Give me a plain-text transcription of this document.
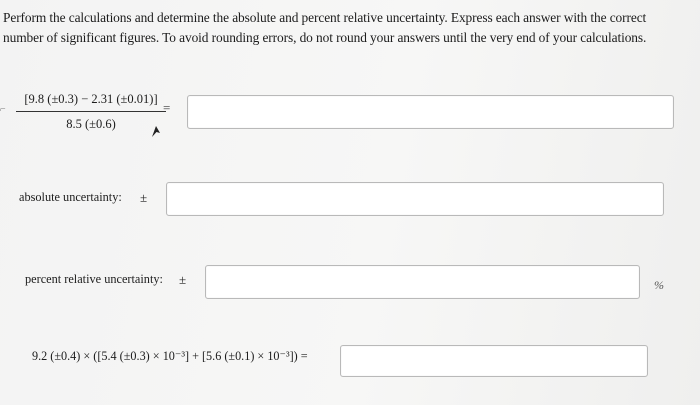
Perform the calculations and determine the absolute and percent relative uncertainty. Express each answer with the correct
number of significant figures. To avoid rounding errors, do not round your answers until the very end of your calculations.
⌐ $\frac{[9.8 (\pm 0.3) - 2.31 (\pm 0.01)]}{8.5 (\pm 0.6)}$
=
absolute uncertainty: ±
percent relative uncertainty: ±	%
9.2 (±0.4) × ([5.4 (±0.3) × 10⁻³] + [5.6 (±0.1) × 10⁻³]) =
